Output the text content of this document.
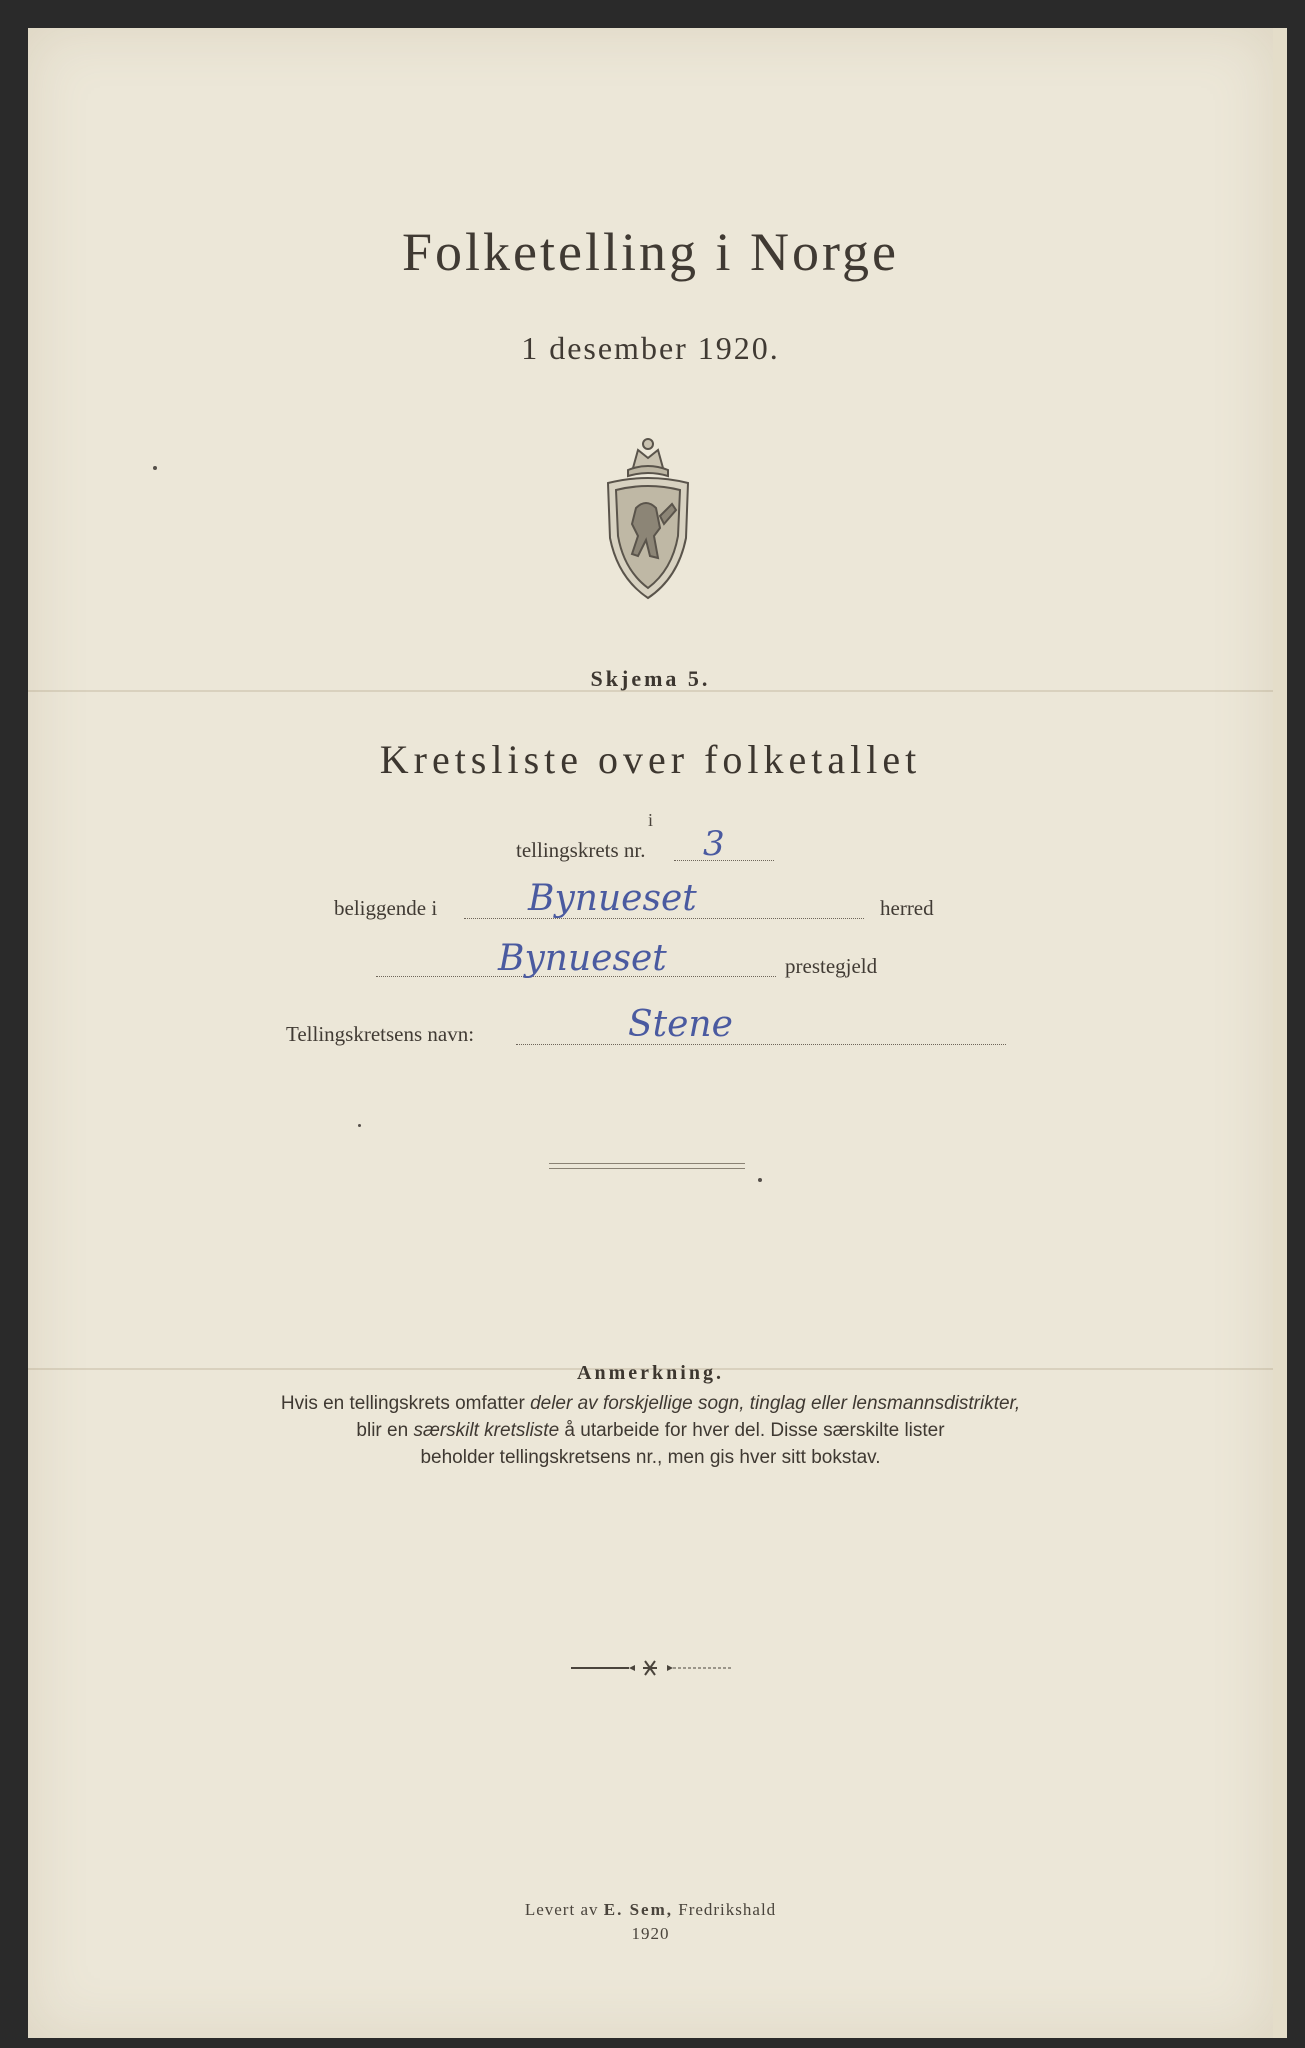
Folketelling i Norge
1 desember 1920.
Skjema 5.
Kretsliste over folketallet
i
tellingskrets nr. 3
beliggende i	Bynueset	herred
Bynueset	prestegjeld
Tellingskretsens navn:	Stene
Anmerkning.
Hvis en tellingskrets omfatter deler av forskjellige sogn, tinglag eller lensmannsdistrikter,
blir en særskilt kretsliste å utarbeide for hver del. Disse særskilte lister
beholder tellingskretsens nr., men gis hver sitt bokstav.
Levert av E. Sem, Fredrikshald
1920
